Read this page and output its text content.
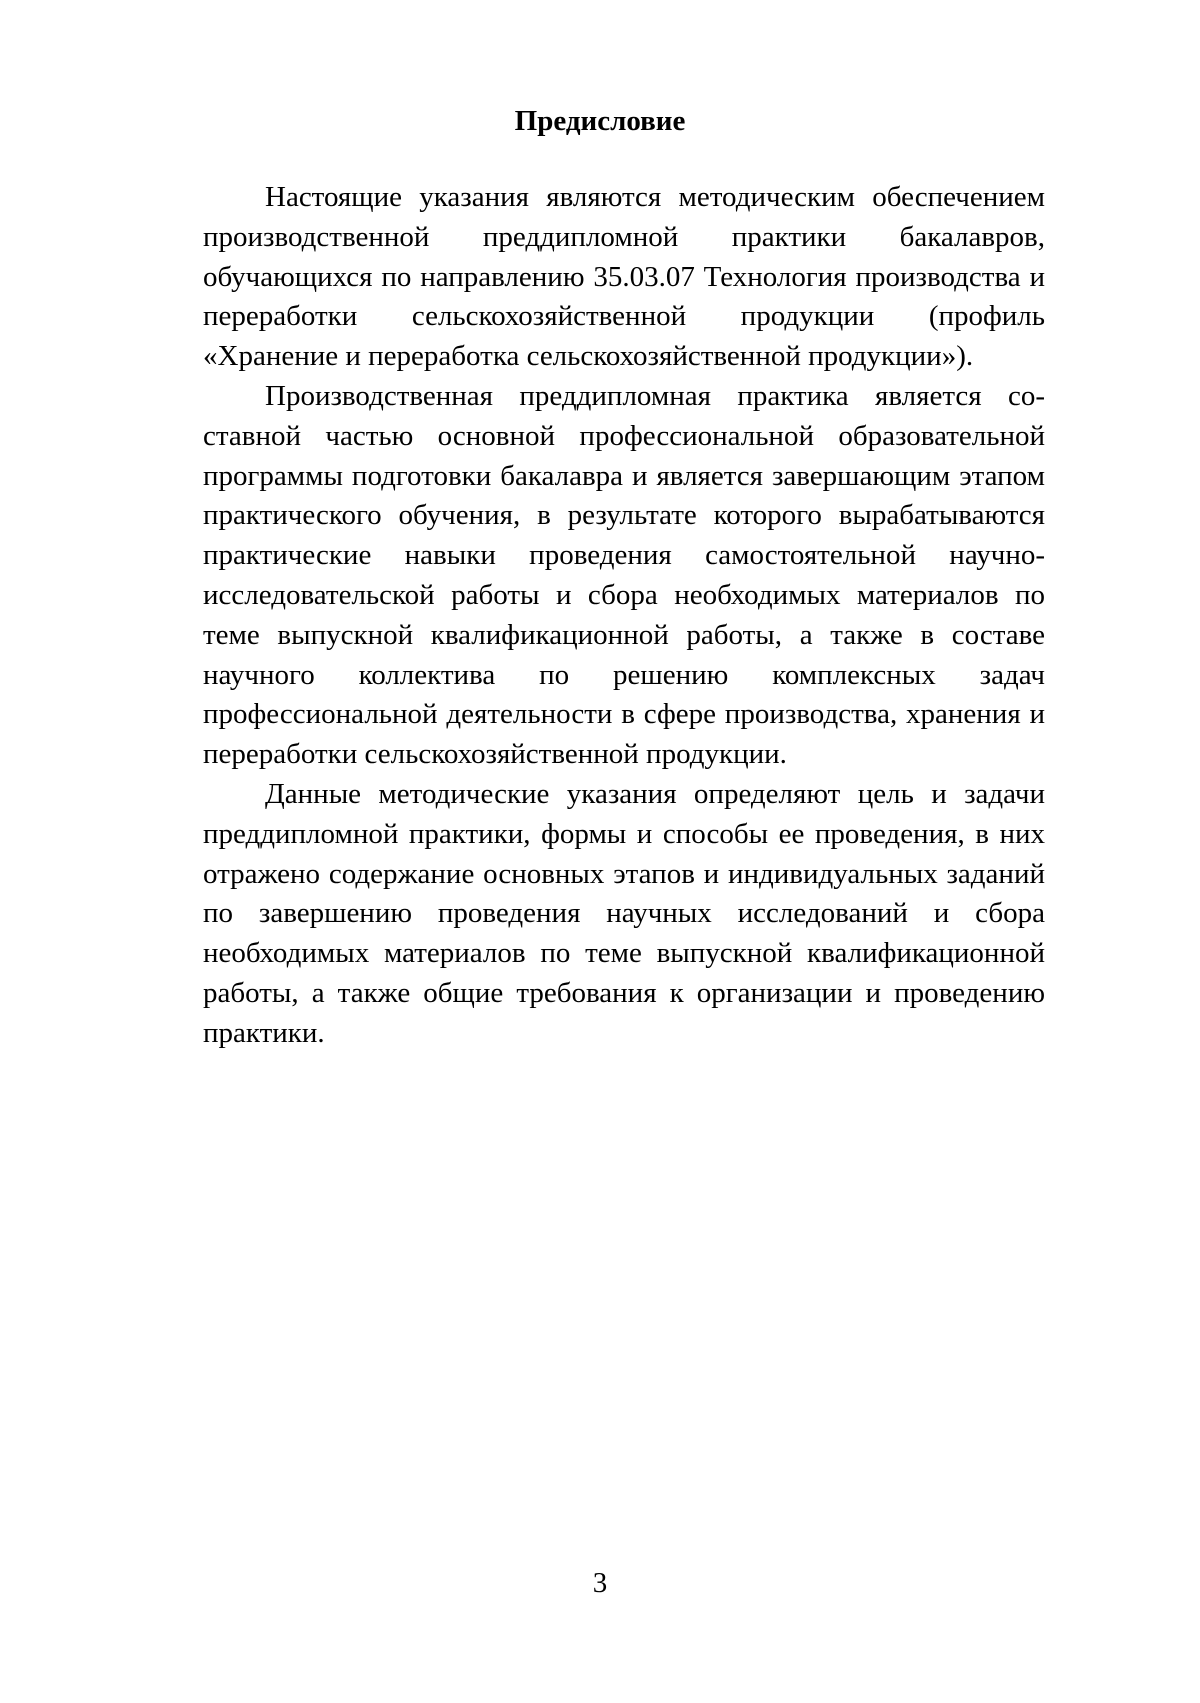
Предисловие

Настоящие указания являются методическим обеспечением производственной преддипломной практики бакалавров, обучающихся по направлению 35.03.07 Технология производства и переработки сельскохозяйственной продукции (профиль «Хранение и переработка сельскохозяйственной продукции»).

Производственная преддипломная практика является составной частью основной профессиональной образовательной программы подготовки бакалавра и является завершающим этапом практического обучения, в результате которого вырабатываются практические навыки проведения самостоятельной научно-исследовательской работы и сбора необходимых материалов по теме выпускной квалификационной работы, а также в составе научного коллектива по решению комплексных задач профессиональной деятельности в сфере производства, хранения и переработки сельскохозяйственной продукции.

Данные методические указания определяют цель и задачи преддипломной практики, формы и способы ее проведения, в них отражено содержание основных этапов и индивидуальных заданий по завершению проведения научных исследований и сбора необходимых материалов по теме выпускной квалификационной работы, а также общие требования к организации и проведению практики.

3
